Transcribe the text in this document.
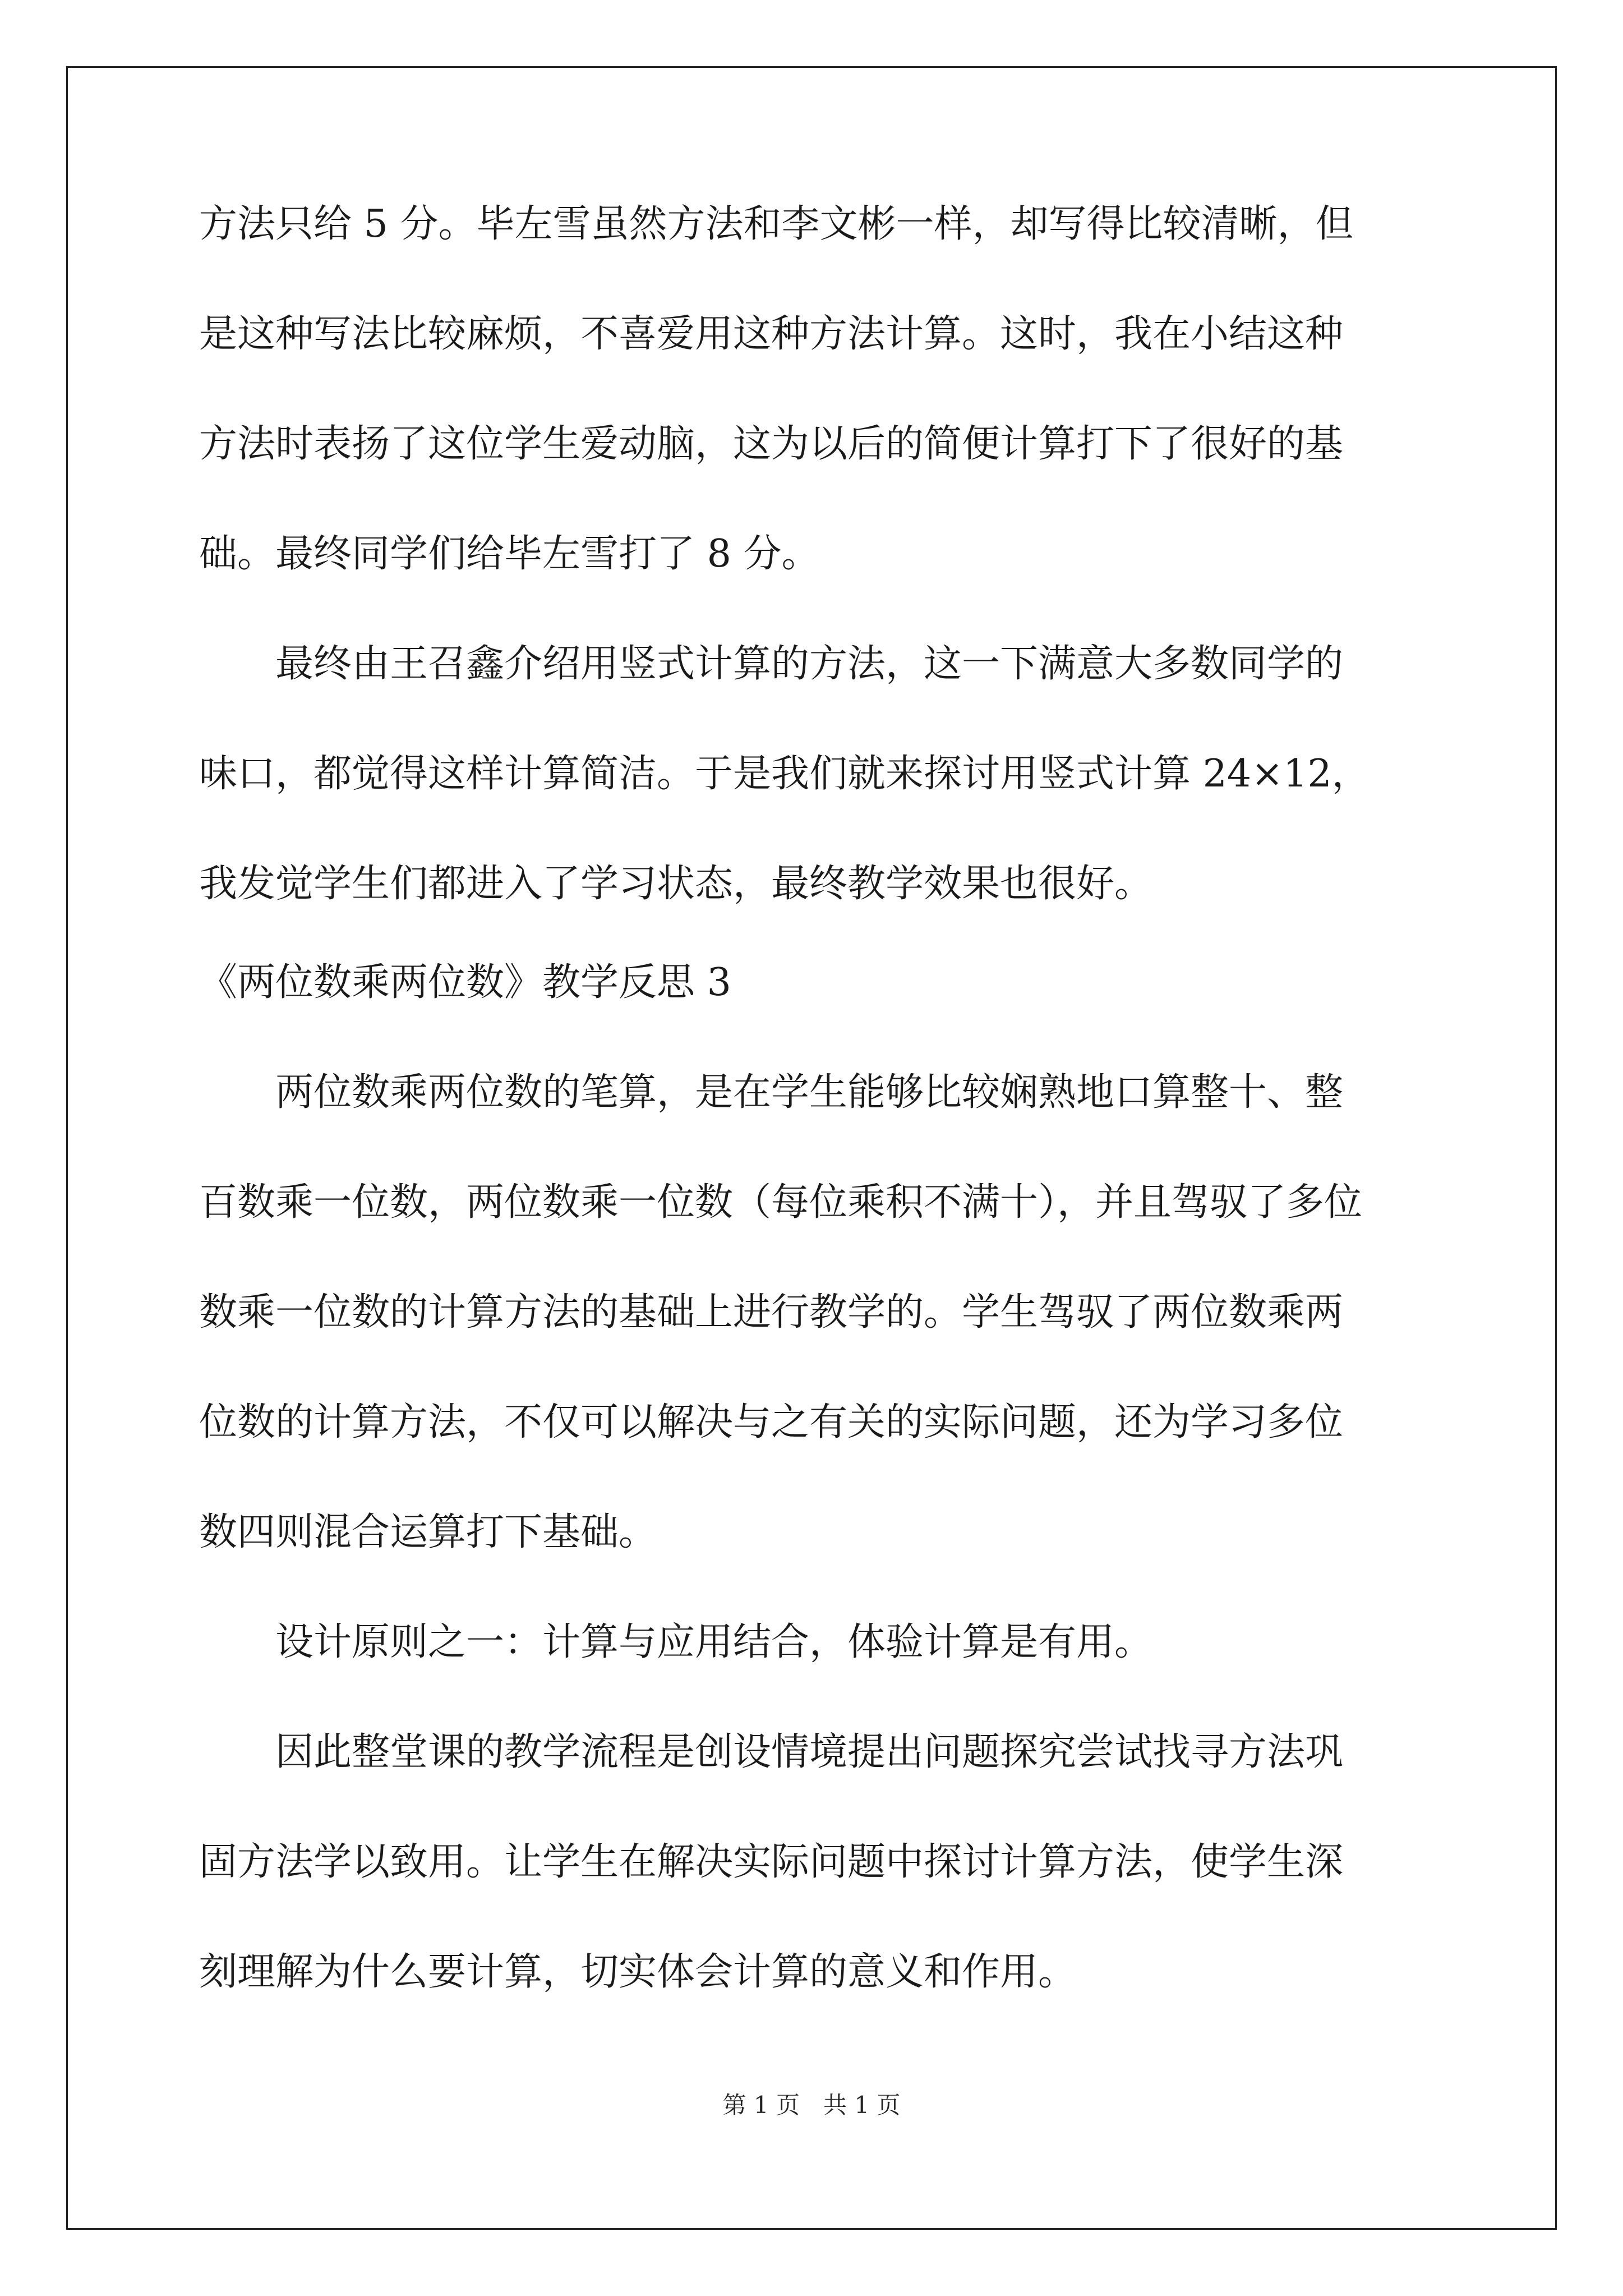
方法只给 5 分。毕左雪虽然方法和李文彬一样，却写得比较清晰，但

是这种写法比较麻烦，不喜爱用这种方法计算。这时，我在小结这种

方法时表扬了这位学生爱动脑，这为以后的简便计算打下了很好的基

础。最终同学们给毕左雪打了 8 分。

　　最终由王召鑫介绍用竖式计算的方法，这一下满意大多数同学的

味口，都觉得这样计算简洁。于是我们就来探讨用竖式计算 24×12，

我发觉学生们都进入了学习状态，最终教学效果也很好。

《两位数乘两位数》教学反思 3

　　两位数乘两位数的笔算，是在学生能够比较娴熟地口算整十、整

百数乘一位数，两位数乘一位数（每位乘积不满十），并且驾驭了多位

数乘一位数的计算方法的基础上进行教学的。学生驾驭了两位数乘两

位数的计算方法，不仅可以解决与之有关的实际问题，还为学习多位

数四则混合运算打下基础。

　　设计原则之一：计算与应用结合，体验计算是有用。

　　因此整堂课的教学流程是创设情境提出问题探究尝试找寻方法巩

固方法学以致用。让学生在解决实际问题中探讨计算方法，使学生深

刻理解为什么要计算，切实体会计算的意义和作用。

第 1 页　共 1 页
